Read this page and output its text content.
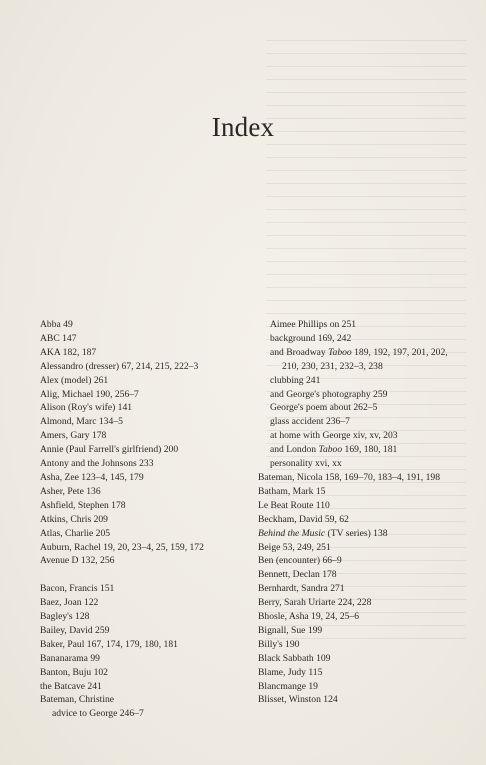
Index
Abba 49
ABC 147
AKA 182, 187
Alessandro (dresser) 67, 214, 215, 222–3
Alex (model) 261
Alig, Michael 190, 256–7
Alison (Roy's wife) 141
Almond, Marc 134–5
Amers, Gary 178
Annie (Paul Farrell's girlfriend) 200
Antony and the Johnsons 233
Asha, Zee 123–4, 145, 179
Asher, Pete 136
Ashfield, Stephen 178
Atkins, Chris 209
Atlas, Charlie 205
Auburn, Rachel 19, 20, 23–4, 25, 159, 172
Avenue D 132, 256
Bacon, Francis 151
Baez, Joan 122
Bagley's 128
Bailey, David 259
Baker, Paul 167, 174, 179, 180, 181
Bananarama 99
Banton, Buju 102
the Batcave 241
Bateman, Christine
advice to George 246–7
Aimee Phillips on 251
background 169, 242
and Broadway Taboo 189, 192, 197, 201, 202, 210, 230, 231, 232–3, 238
clubbing 241
and George's photography 259
George's poem about 262–5
glass accident 236–7
at home with George xiv, xv, 203
and London Taboo 169, 180, 181
personality xvi, xx
Bateman, Nicola 158, 169–70, 183–4, 191, 198
Batham, Mark 15
Le Beat Route 110
Beckham, David 59, 62
Behind the Music (TV series) 138
Beige 53, 249, 251
Ben (encounter) 66–9
Bennett, Declan 178
Bernhardt, Sandra 271
Berry, Sarah Uriarte 224, 228
Bhosle, Asha 19, 24, 25–6
Bignall, Sue 199
Billy's 190
Black Sabbath 109
Blame, Judy 115
Blancmange 19
Blisset, Winston 124
